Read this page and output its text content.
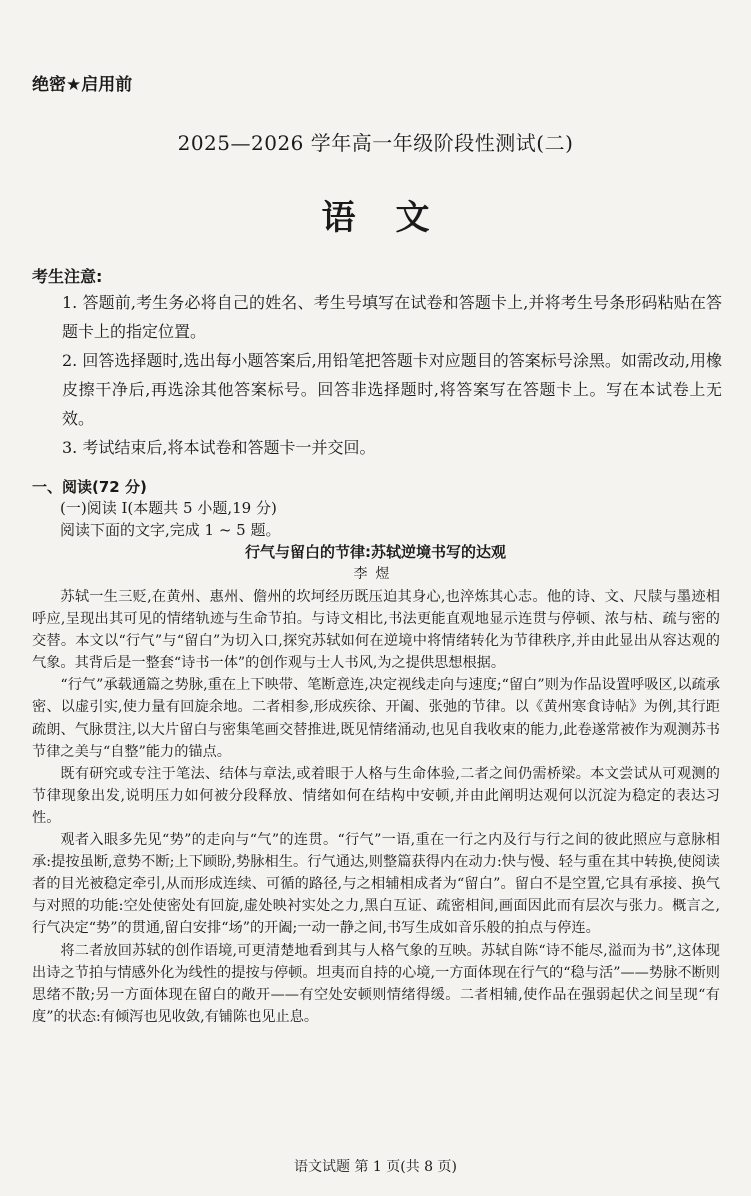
绝密★启用前
2025—2026 学年高一年级阶段性测试(二)
语文
考生注意:

1. 答题前,考生务必将自己的姓名、考生号填写在试卷和答题卡上,并将考生号条形码粘贴在答题卡上的指定位置。

2. 回答选择题时,选出每小题答案后,用铅笔把答题卡对应题目的答案标号涂黑。如需改动,用橡皮擦干净后,再选涂其他答案标号。回答非选择题时,将答案写在答题卡上。写在本试卷上无效。

3. 考试结束后,将本试卷和答题卡一并交回。

一、阅读(72 分)
(一)阅读 I(本题共 5 小题,19 分)
阅读下面的文字,完成 1 ~ 5 题。
行气与留白的节律:苏轼逆境书写的达观
李煜

苏轼一生三贬,在黄州、惠州、儋州的坎坷经历既压迫其身心,也淬炼其心志。他的诗、文、尺牍与墨迹相呼应,呈现出其可见的情绪轨迹与生命节拍。与诗文相比,书法更能直观地显示连贯与停顿、浓与枯、疏与密的交替。本文以“行气”与“留白”为切入口,探究苏轼如何在逆境中将情绪转化为节律秩序,并由此显出从容达观的气象。其背后是一整套“诗书一体”的创作观与士人书风,为之提供思想根据。

“行气”承载通篇之势脉,重在上下映带、笔断意连,决定视线走向与速度;“留白”则为作品设置呼吸区,以疏承密、以虚引实,使力量有回旋余地。二者相参,形成疾徐、开阖、张弛的节律。以《黄州寒食诗帖》为例,其行距疏朗、气脉贯注,以大片留白与密集笔画交替推进,既见情绪涌动,也见自我收束的能力,此卷遂常被作为观测苏书节律之美与“自整”能力的锚点。

既有研究或专注于笔法、结体与章法,或着眼于人格与生命体验,二者之间仍需桥梁。本文尝试从可观测的节律现象出发,说明压力如何被分段释放、情绪如何在结构中安顿,并由此阐明达观何以沉淀为稳定的表达习性。

观者入眼多先见“势”的走向与“气”的连贯。“行气”一语,重在一行之内及行与行之间的彼此照应与意脉相承:提按虽断,意势不断;上下顾盼,势脉相生。行气通达,则整篇获得内在动力:快与慢、轻与重在其中转换,使阅读者的目光被稳定牵引,从而形成连续、可循的路径,与之相辅相成者为“留白”。留白不是空置,它具有承接、换气与对照的功能:空处使密处有回旋,虚处映衬实处之力,黑白互证、疏密相间,画面因此而有层次与张力。概言之,行气决定“势”的贯通,留白安排“场”的开阖;一动一静之间,书写生成如音乐般的拍点与停连。

将二者放回苏轼的创作语境,可更清楚地看到其与人格气象的互映。苏轼自陈“诗不能尽,溢而为书”,这体现出诗之节拍与情感外化为线性的提按与停顿。坦夷而自持的心境,一方面体现在行气的“稳与活”——势脉不断则思绪不散;另一方面体现在留白的敞开——有空处安顿则情绪得缓。二者相辅,使作品在强弱起伏之间呈现“有度”的状态:有倾泻也见收敛,有铺陈也见止息。

语文试题 第 1 页(共 8 页)
